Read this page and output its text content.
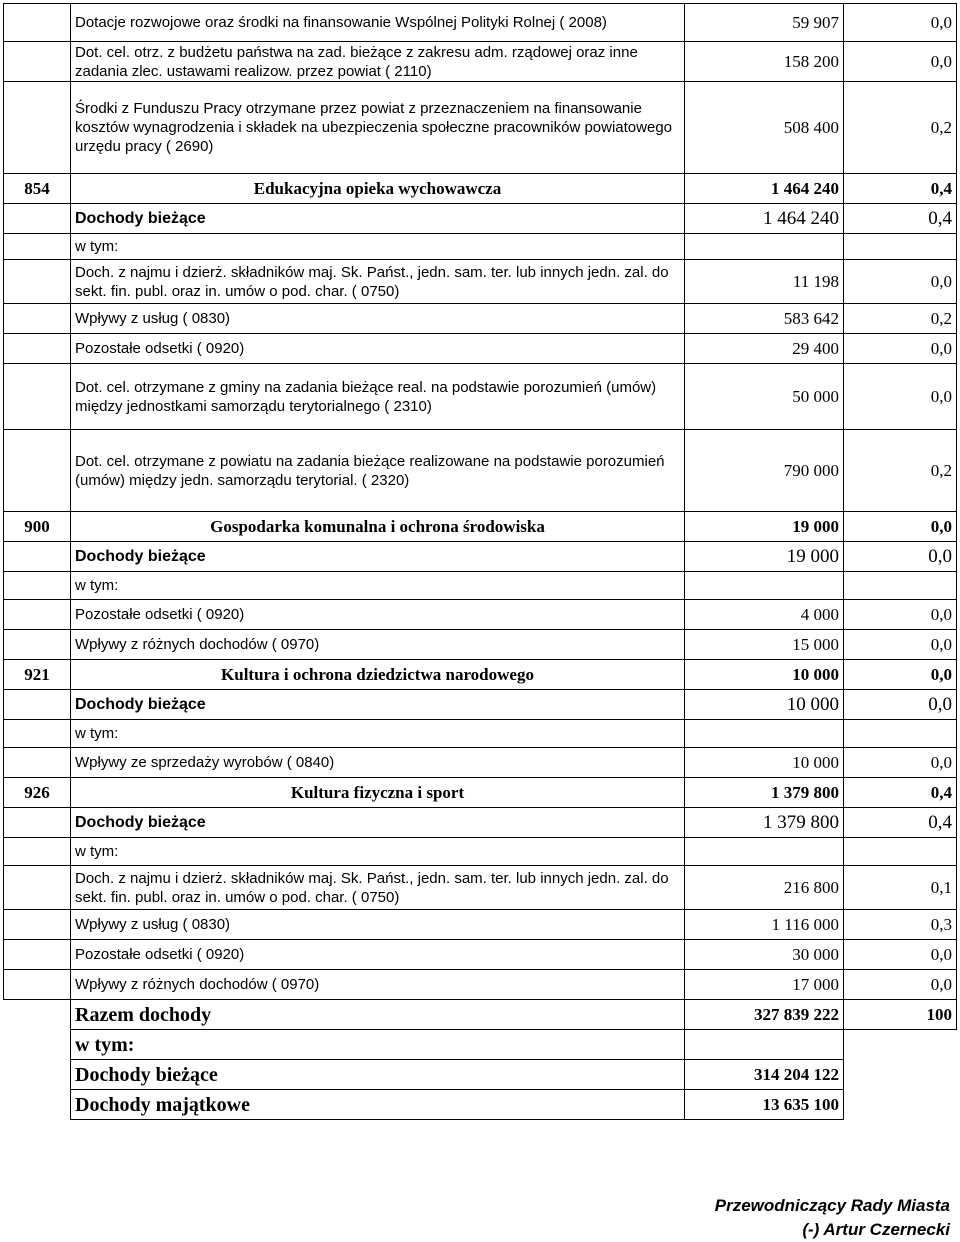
	Dotacje rozwojowe oraz środki na finansowanie Wspólnej Polityki Rolnej ( 2008)	59 907	0,0
	Dot. cel. otrz. z budżetu państwa na zad. bieżące z zakresu adm. rządowej oraz inne zadania zlec. ustawami realizow. przez powiat ( 2110)	158 200	0,0
	Środki z Funduszu Pracy otrzymane przez powiat z przeznaczeniem na finansowanie kosztów wynagrodzenia i składek na ubezpieczenia społeczne pracowników powiatowego urzędu pracy ( 2690)	508 400	0,2
854	Edukacyjna opieka wychowawcza	1 464 240	0,4
	Dochody bieżące	1 464 240	0,4
	w tym:		
	Doch. z najmu i dzierż. składników maj. Sk. Państ., jedn. sam. ter. lub innych jedn. zal. do sekt. fin. publ. oraz in. umów o pod. char. ( 0750)	11 198	0,0
	Wpływy z usług ( 0830)	583 642	0,2
	Pozostałe odsetki ( 0920)	29 400	0,0
	Dot. cel. otrzymane z gminy na zadania bieżące real. na podstawie porozumień (umów) między jednostkami samorządu terytorialnego ( 2310)	50 000	0,0
	Dot. cel. otrzymane z powiatu na zadania bieżące realizowane na podstawie porozumień (umów) między jedn. samorządu terytorial. ( 2320)	790 000	0,2
900	Gospodarka komunalna i ochrona środowiska	19 000	0,0
	Dochody bieżące	19 000	0,0
	w tym:		
	Pozostałe odsetki ( 0920)	4 000	0,0
	Wpływy z różnych dochodów ( 0970)	15 000	0,0
921	Kultura i ochrona dziedzictwa narodowego	10 000	0,0
	Dochody bieżące	10 000	0,0
	w tym:		
	Wpływy ze sprzedaży wyrobów ( 0840)	10 000	0,0
926	Kultura fizyczna i sport	1 379 800	0,4
	Dochody bieżące	1 379 800	0,4
	w tym:		
	Doch. z najmu i dzierż. składników maj. Sk. Państ., jedn. sam. ter. lub innych jedn. zal. do sekt. fin. publ. oraz in. umów o pod. char. ( 0750)	216 800	0,1
	Wpływy z usług ( 0830)	1 116 000	0,3
	Pozostałe odsetki ( 0920)	30 000	0,0
	Wpływy z różnych dochodów ( 0970)	17 000	0,0
	Razem dochody	327 839 222	100
	w tym:		
	Dochody bieżące	314 204 122	
	Dochody majątkowe	13 635 100	
Przewodniczący Rady Miasta
(-) Artur Czernecki
